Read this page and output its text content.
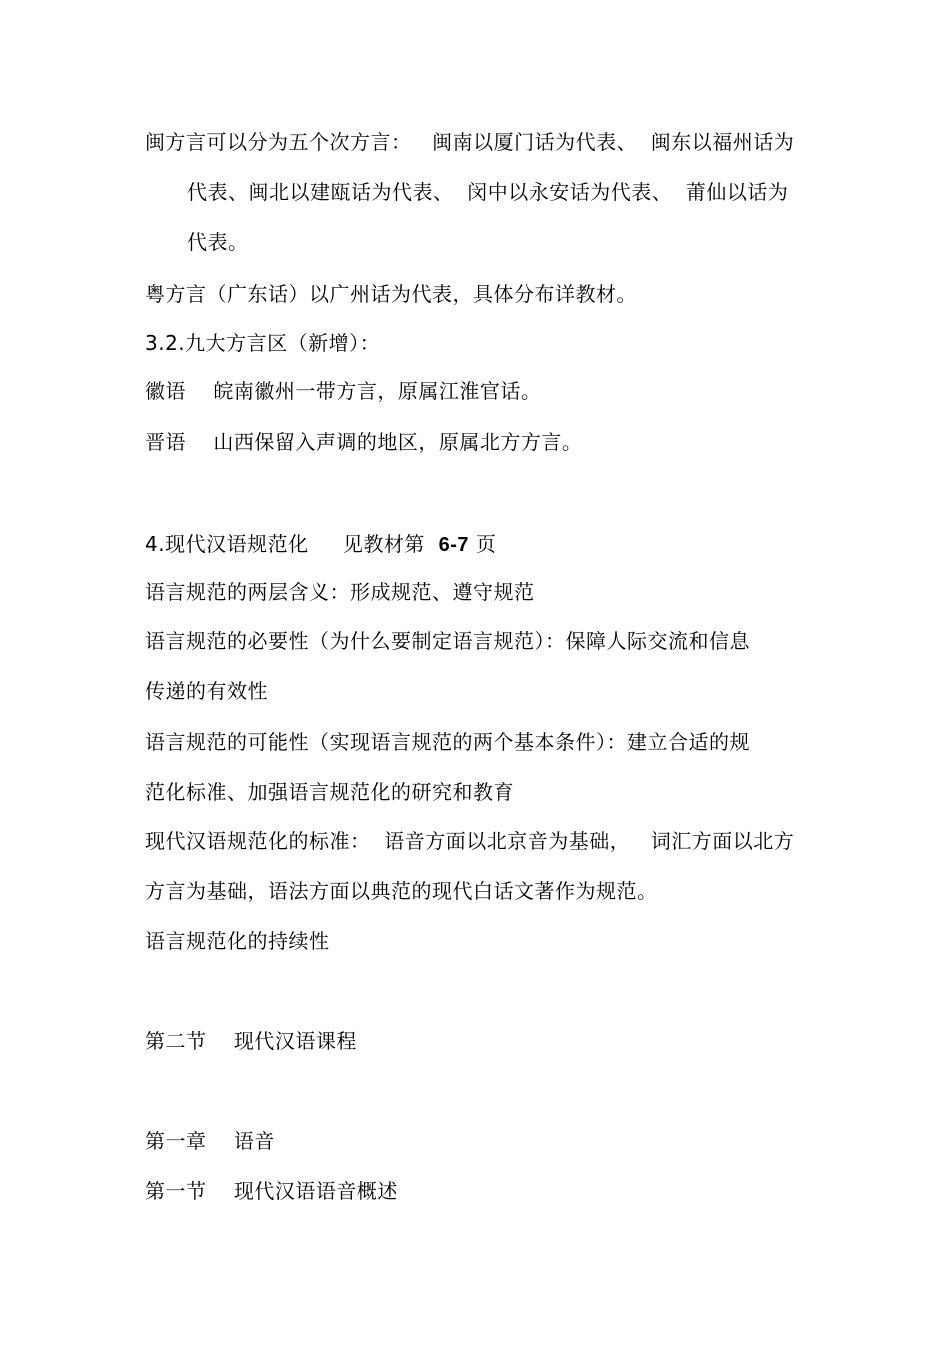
闽方言可以分为五个次方言：   闽南以厦门话为代表、  闽东以福州话为
代表、闽北以建瓯话为代表、  闵中以永安话为代表、  莆仙以话为
代表。
粤方言（广东话）以广州话为代表，具体分布详教材。
3.2.九大方言区（新增）：
徽语    皖南徽州一带方言，原属江淮官话。
晋语    山西保留入声调的地区，原属北方方言。
4.现代汉语规范化     见教材第  6-7 页
语言规范的两层含义：形成规范、遵守规范
语言规范的必要性（为什么要制定语言规范）：保障人际交流和信息
传递的有效性
语言规范的可能性（实现语言规范的两个基本条件）：建立合适的规
范化标准、加强语言规范化的研究和教育
现代汉语规范化的标准：  语音方面以北京音为基础，   词汇方面以北方
方言为基础，语法方面以典范的现代白话文著作为规范。
语言规范化的持续性
第二节    现代汉语课程
第一章    语音
第一节    现代汉语语音概述
